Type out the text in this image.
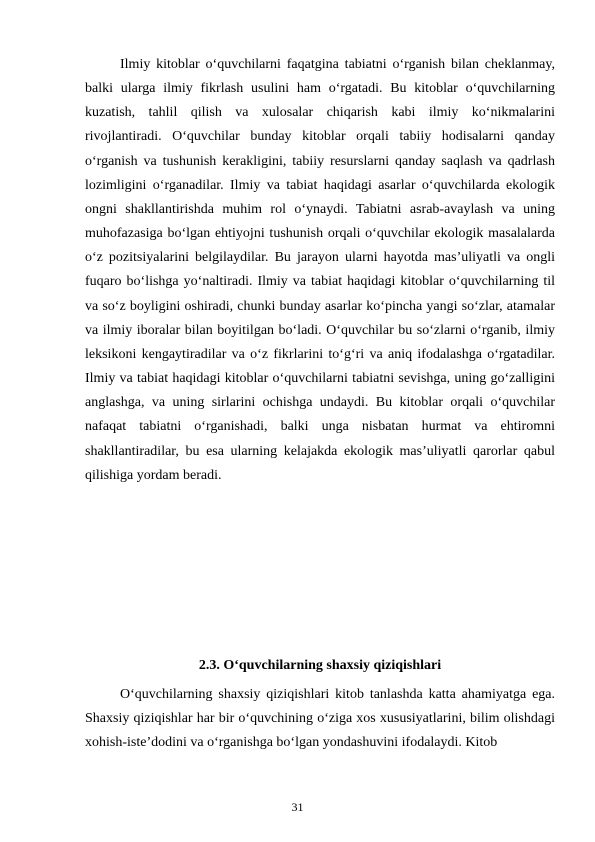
Ilmiy kitoblar o‘quvchilarni faqatgina tabiatni o‘rganish bilan cheklanmay, balki ularga ilmiy fikrlash usulini ham o‘rgatadi. Bu kitoblar o‘quvchilarning kuzatish, tahlil qilish va xulosalar chiqarish kabi ilmiy ko‘nikmalarini rivojlantiradi. O‘quvchilar bunday kitoblar orqali tabiiy hodisalarni qanday o‘rganish va tushunish kerakligini, tabiiy resurslarni qanday saqlash va qadrlash lozimligini o‘rganadilar. Ilmiy va tabiat haqidagi asarlar o‘quvchilarda ekologik ongni shakllantirishda muhim rol o‘ynaydi. Tabiatni asrab-avaylash va uning muhofazasiga bo‘lgan ehtiyojni tushunish orqali o‘quvchilar ekologik masalalarda o‘z pozitsiyalarini belgilaydilar. Bu jarayon ularni hayotda mas’uliyatli va ongli fuqaro bo‘lishga yo‘naltiradi. Ilmiy va tabiat haqidagi kitoblar o‘quvchilarning til va so‘z boyligini oshiradi, chunki bunday asarlar ko‘pincha yangi so‘zlar, atamalar va ilmiy iboralar bilan boyitilgan bo‘ladi. O‘quvchilar bu so‘zlarni o‘rganib, ilmiy leksikoni kengaytiradilar va o‘z fikrlarini to‘g‘ri va aniq ifodalashga o‘rgatadilar. Ilmiy va tabiat haqidagi kitoblar o‘quvchilarni tabiatni sevishga, uning go‘zalligini anglashga, va uning sirlarini ochishga undaydi. Bu kitoblar orqali o‘quvchilar nafaqat tabiatni o‘rganishadi, balki unga nisbatan hurmat va ehtiromni shakllantiradilar, bu esa ularning kelajakda ekologik mas’uliyatli qarorlar qabul qilishiga yordam beradi.

2.3. O‘quvchilarning shaxsiy qiziqishlari

O‘quvchilarning shaxsiy qiziqishlari kitob tanlashda katta ahamiyatga ega. Shaxsiy qiziqishlar har bir o‘quvchining o‘ziga xos xususiyatlarini, bilim olishdagi xohish-iste’dodini va o‘rganishga bo‘lgan yondashuvini ifodalaydi. Kitob

31
